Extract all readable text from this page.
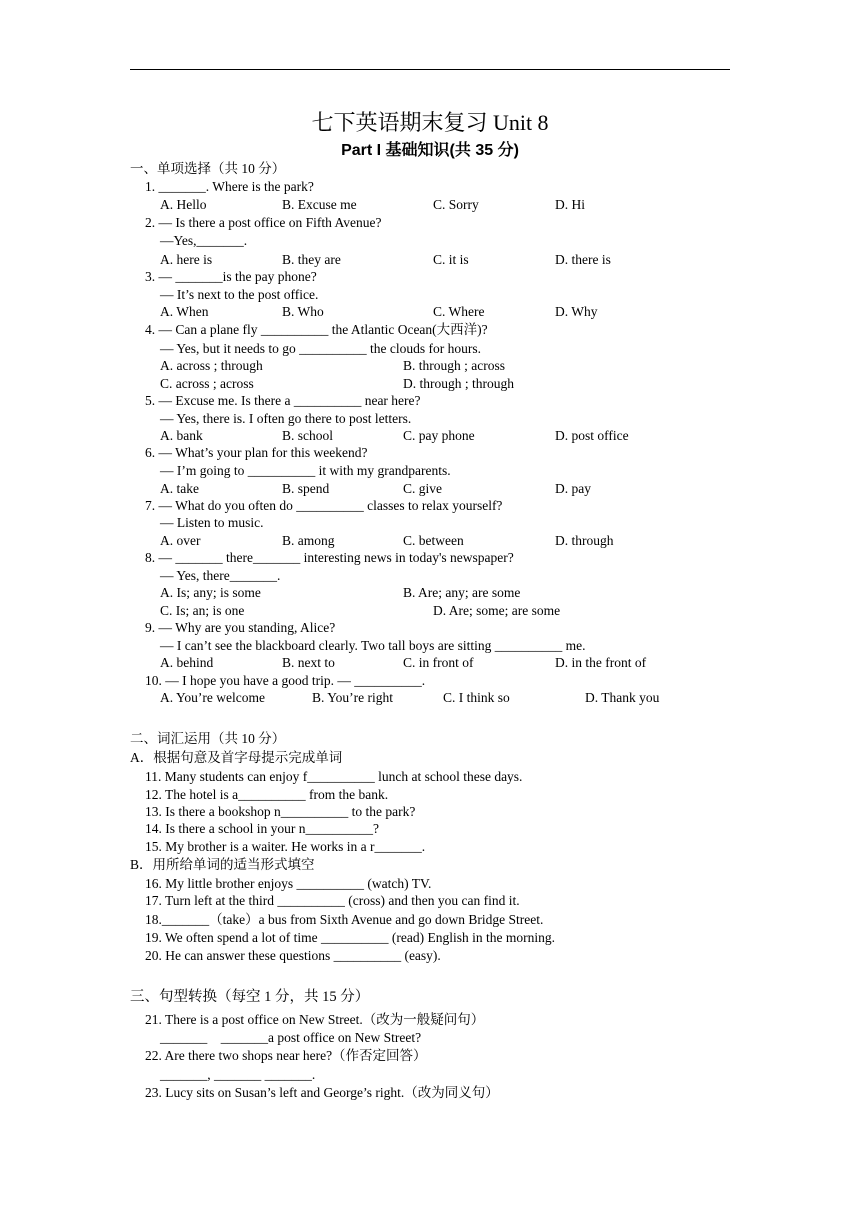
七下英语期末复习 Unit 8
Part I 基础知识(共 35 分)
一、单项选择（共 10 分）
1. _______. Where is the park?
A. Hello	B. Excuse me	C. Sorry	D. Hi
2. — Is there a post office on Fifth Avenue?
—Yes,_______.
A. here is	B. they are	C. it is	D. there is
3. — _______is the pay phone?
— It’s next to the post office.
A. When	B. Who	C. Where	D. Why
4. — Can a plane fly __________ the Atlantic Ocean(大西洋)?
— Yes, but it needs to go __________ the clouds for hours.
A. across ; through	B. through ; across
C. across ; across	D. through ; through
5. — Excuse me. Is there a __________ near here?
— Yes, there is. I often go there to post letters.
A. bank	B. school	C. pay phone	D. post office
6. — What’s your plan for this weekend?
— I’m going to __________ it with my grandparents.
A. take	B. spend	C. give	D. pay
7. — What do you often do __________ classes to relax yourself?
— Listen to music.
A. over	B. among	C. between	D. through
8. — _______ there_______ interesting news in today's newspaper?
— Yes, there_______.
A. Is; any; is some	B. Are; any; are some
C. Is; an; is one	D. Are; some; are some
9. — Why are you standing, Alice?
— I can’t see the blackboard clearly. Two tall boys are sitting __________ me.
A. behind	B. next to	C. in front of	D. in the front of
10. — I hope you have a good trip. — __________.
A. You’re welcome	B. You’re right	C. I think so	D. Thank you
二、词汇运用（共 10 分）
A．根据句意及首字母提示完成单词
11. Many students can enjoy f__________ lunch at school these days.
12. The hotel is a__________ from the bank.
13. Is there a bookshop n__________ to the park?
14. Is there a school in your n__________?
15. My brother is a waiter. He works in a r_______.
B．用所给单词的适当形式填空
16. My little brother enjoys __________ (watch) TV.
17. Turn left at the third __________ (cross) and then you can find it.
18._______（take）a bus from Sixth Avenue and go down Bridge Street.
19. We often spend a lot of time __________ (read) English in the morning.
20. He can answer these questions __________ (easy).
三、句型转换（每空 1 分，共 15 分）
21. There is a post office on New Street.（改为一般疑问句）
_______    _______a post office on New Street?
22. Are there two shops near here?（作否定回答）
_______, _______ _______.
23. Lucy sits on Susan’s left and George’s right.（改为同义句）
